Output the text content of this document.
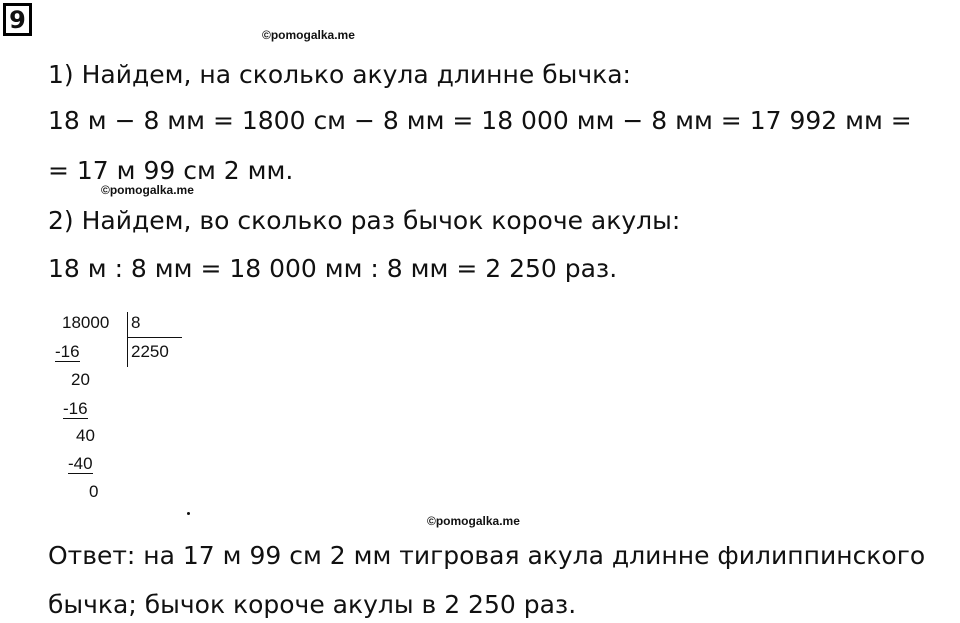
9
©pomogalka.me
©pomogalka.me
©pomogalka.me
1) Найдем, на сколько акула длинне бычка:
18 м − 8 мм = 1800 см − 8 мм = 18 000 мм − 8 мм = 17 992 мм =
= 17 м 99 см 2 мм.
2) Найдем, во сколько раз бычок короче акулы:
18 м : 8 мм = 18 000 мм : 8 мм = 2 250 раз.
18000 8
2250
-16
20
-16
40
-40
0
Ответ: на 17 м 99 см 2 мм тигровая акула длинне филиппинского
бычка; бычок короче акулы в 2 250 раз.
